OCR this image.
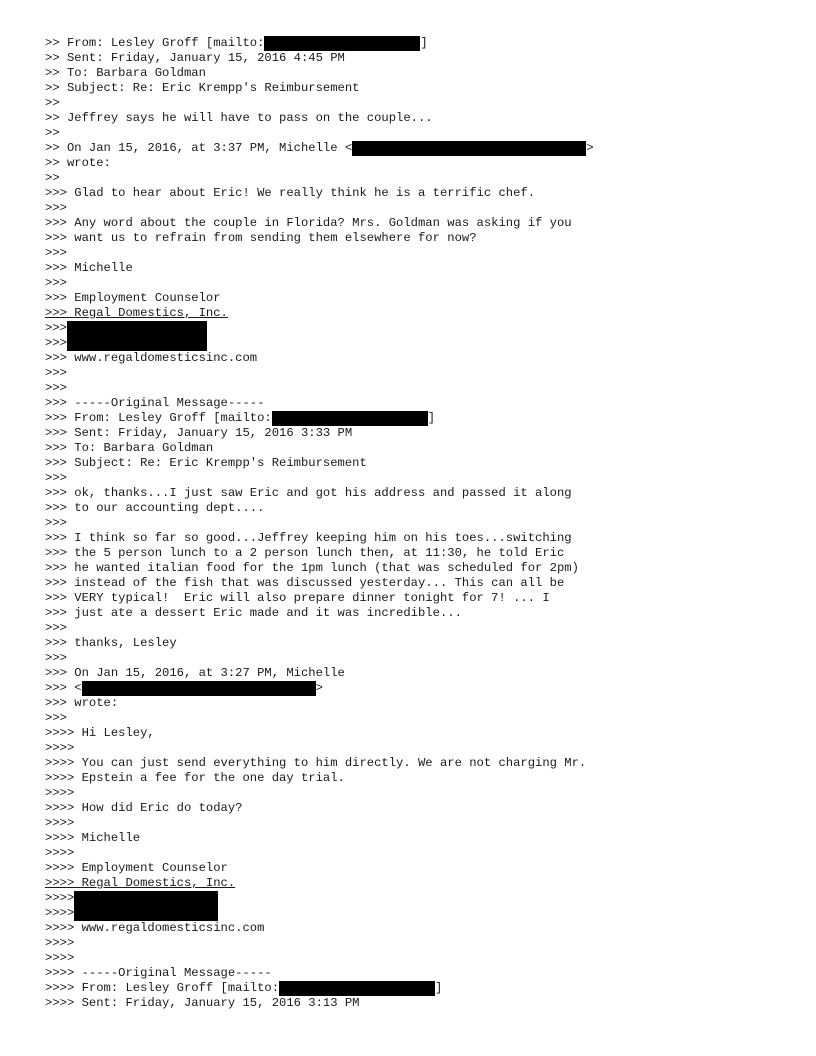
>> From: Lesley Groff [mailto:	]
>> Sent: Friday, January 15, 2016 4:45 PM
>> To: Barbara Goldman
>> Subject: Re: Eric Krempp's Reimbursement
>>
>> Jeffrey says he will have to pass on the couple...
>>
>> On Jan 15, 2016, at 3:37 PM, Michelle <	>
>> wrote:
>>
>>> Glad to hear about Eric! We really think he is a terrific chef.
>>>
>>> Any word about the couple in Florida? Mrs. Goldman was asking if you
>>> want us to refrain from sending them elsewhere for now?
>>>
>>> Michelle
>>>
>>> Employment Counselor
>>> Regal Domestics, Inc.
>>>
>>>
>>> www.regaldomesticsinc.com
>>>
>>>
>>> -----Original Message-----
>>> From: Lesley Groff [mailto:	]
>>> Sent: Friday, January 15, 2016 3:33 PM
>>> To: Barbara Goldman
>>> Subject: Re: Eric Krempp's Reimbursement
>>>
>>> ok, thanks...I just saw Eric and got his address and passed it along
>>> to our accounting dept....
>>>
>>> I think so far so good...Jeffrey keeping him on his toes...switching
>>> the 5 person lunch to a 2 person lunch then, at 11:30, he told Eric
>>> he wanted italian food for the 1pm lunch (that was scheduled for 2pm)
>>> instead of the fish that was discussed yesterday... This can all be
>>> VERY typical!  Eric will also prepare dinner tonight for 7! ... I
>>> just ate a dessert Eric made and it was incredible...
>>>
>>> thanks, Lesley
>>>
>>> On Jan 15, 2016, at 3:27 PM, Michelle
>>> <	>
>>> wrote:
>>>
>>>> Hi Lesley,
>>>>
>>>> You can just send everything to him directly. We are not charging Mr.
>>>> Epstein a fee for the one day trial.
>>>>
>>>> How did Eric do today?
>>>>
>>>> Michelle
>>>>
>>>> Employment Counselor
>>>> Regal Domestics, Inc.
>>>>
>>>>
>>>> www.regaldomesticsinc.com
>>>>
>>>>
>>>> -----Original Message-----
>>>> From: Lesley Groff [mailto:	]
>>>> Sent: Friday, January 15, 2016 3:13 PM
